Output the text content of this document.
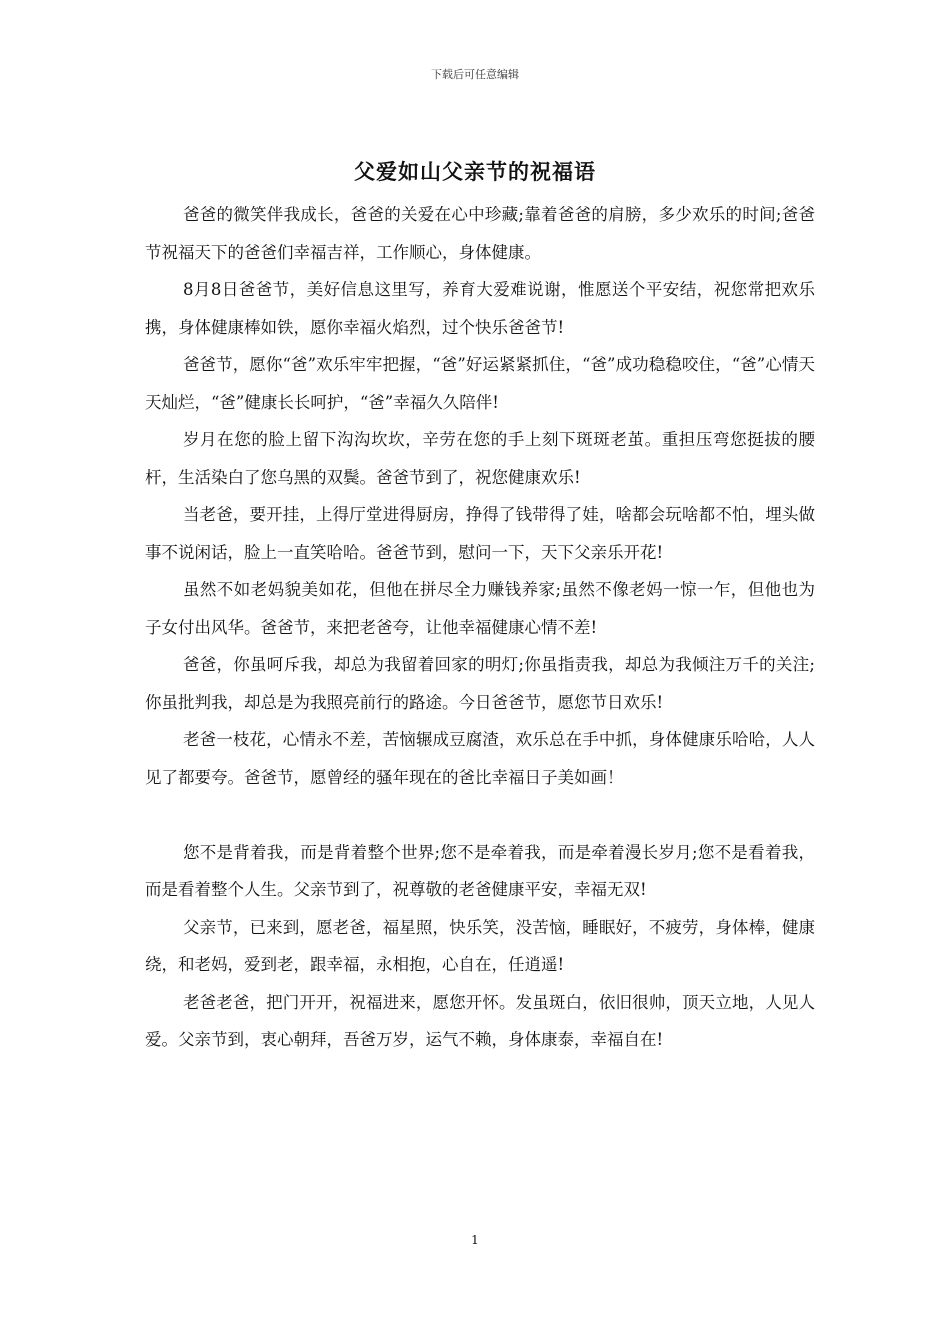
下载后可任意编辑
父爱如山父亲节的祝福语

爸爸的微笑伴我成长，爸爸的关爱在心中珍藏;靠着爸爸的肩膀，多少欢乐的时间;爸爸节祝福天下的爸爸们幸福吉祥，工作顺心，身体健康。

8月8日爸爸节，美好信息这里写，养育大爱难说谢，惟愿送个平安结，祝您常把欢乐携，身体健康棒如铁，愿你幸福火焰烈，过个快乐爸爸节!

爸爸节，愿你“爸”欢乐牢牢把握，“爸”好运紧紧抓住，“爸”成功稳稳咬住，“爸”心情天天灿烂，“爸”健康长长呵护，“爸”幸福久久陪伴!

岁月在您的脸上留下沟沟坎坎，辛劳在您的手上刻下斑斑老茧。重担压弯您挺拔的腰杆，生活染白了您乌黑的双鬓。爸爸节到了，祝您健康欢乐!

当老爸，要开挂，上得厅堂进得厨房，挣得了钱带得了娃，啥都会玩啥都不怕，埋头做事不说闲话，脸上一直笑哈哈。爸爸节到，慰问一下，天下父亲乐开花!

虽然不如老妈貌美如花，但他在拼尽全力赚钱养家;虽然不像老妈一惊一乍，但他也为子女付出风华。爸爸节，来把老爸夸，让他幸福健康心情不差!

爸爸，你虽呵斥我，却总为我留着回家的明灯;你虽指责我，却总为我倾注万千的关注;你虽批判我，却总是为我照亮前行的路途。今日爸爸节，愿您节日欢乐!

老爸一枝花，心情永不差，苦恼辗成豆腐渣，欢乐总在手中抓，身体健康乐哈哈，人人见了都要夸。爸爸节，愿曾经的骚年现在的爸比幸福日子美如画！

您不是背着我，而是背着整个世界;您不是牵着我，而是牵着漫长岁月;您不是看着我，而是看着整个人生。父亲节到了，祝尊敬的老爸健康平安，幸福无双!

父亲节，已来到，愿老爸，福星照，快乐笑，没苦恼，睡眠好，不疲劳，身体棒，健康绕，和老妈，爱到老，跟幸福，永相抱，心自在，任逍遥!

老爸老爸，把门开开，祝福进来，愿您开怀。发虽斑白，依旧很帅，顶天立地，人见人爱。父亲节到，衷心朝拜，吾爸万岁，运气不赖，身体康泰，幸福自在!

1
